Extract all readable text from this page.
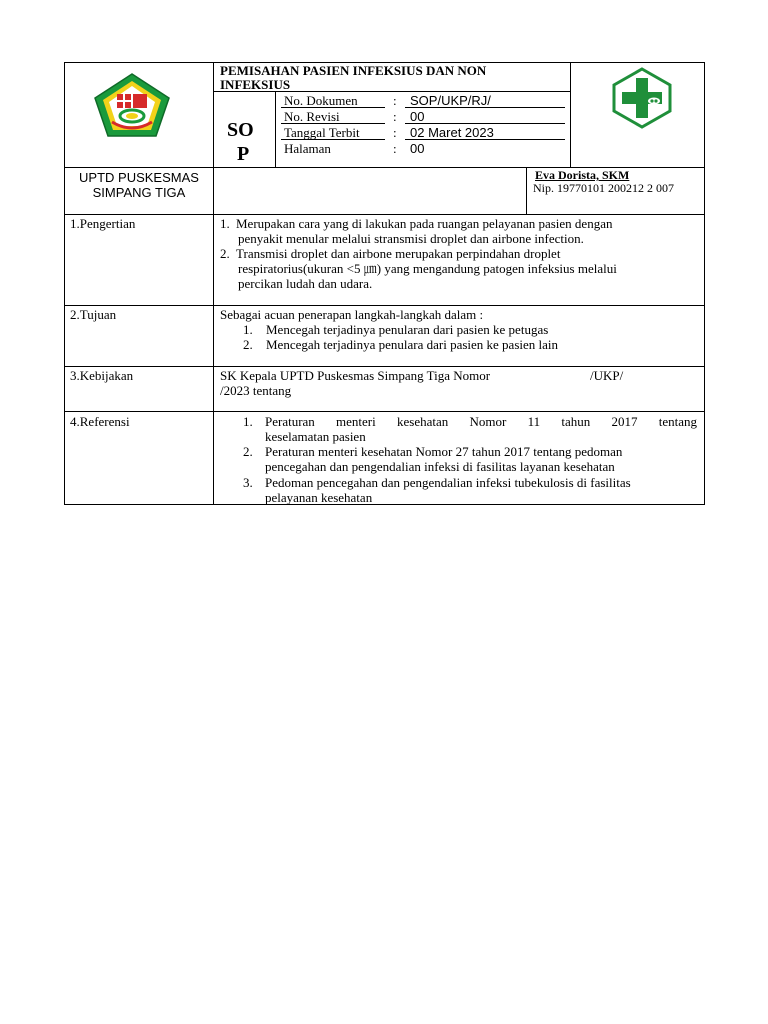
PEMISAHAN PASIEN INFEKSIUS DAN NON
INFEKSIUS
SO
P
No. Dokumen	: SOP/UKP/RJ/
No. Revisi	: 00
Tanggal Terbit	: 02 Maret 2023
Halaman	: 00
UPTD PUSKESMAS
SIMPANG TIGA
Eva Dorista, SKM
Nip. 19770101 200212 2 007
1.Pengertian	1. Merupakan cara yang di lakukan pada ruangan pelayanan pasien dengan
penyakit menular melalui stransmisi droplet dan airbone infection.
2. Transmisi droplet dan airbone merupakan perpindahan droplet
respiratorius(ukuran <5 ㎛) yang mengandung patogen infeksius melalui
percikan ludah dan udara.
2.Tujuan	Sebagai acuan penerapan langkah-langkah dalam :
1. Mencegah terjadinya penularan dari pasien ke petugas
2. Mencegah terjadinya penulara dari pasien ke pasien lain
3.Kebijakan	SK Kepala UPTD Puskesmas Simpang Tiga Nomor	/UKP/
/2023 tentang
4.Referensi	1. Peraturan menteri kesehatan Nomor 11 tahun 2017 tentang
keselamatan pasien
2. Peraturan menteri kesehatan Nomor 27 tahun 2017 tentang pedoman
pencegahan dan pengendalian infeksi di fasilitas layanan kesehatan
3. Pedoman pencegahan dan pengendalian infeksi tubekulosis di fasilitas
pelayanan kesehatan
